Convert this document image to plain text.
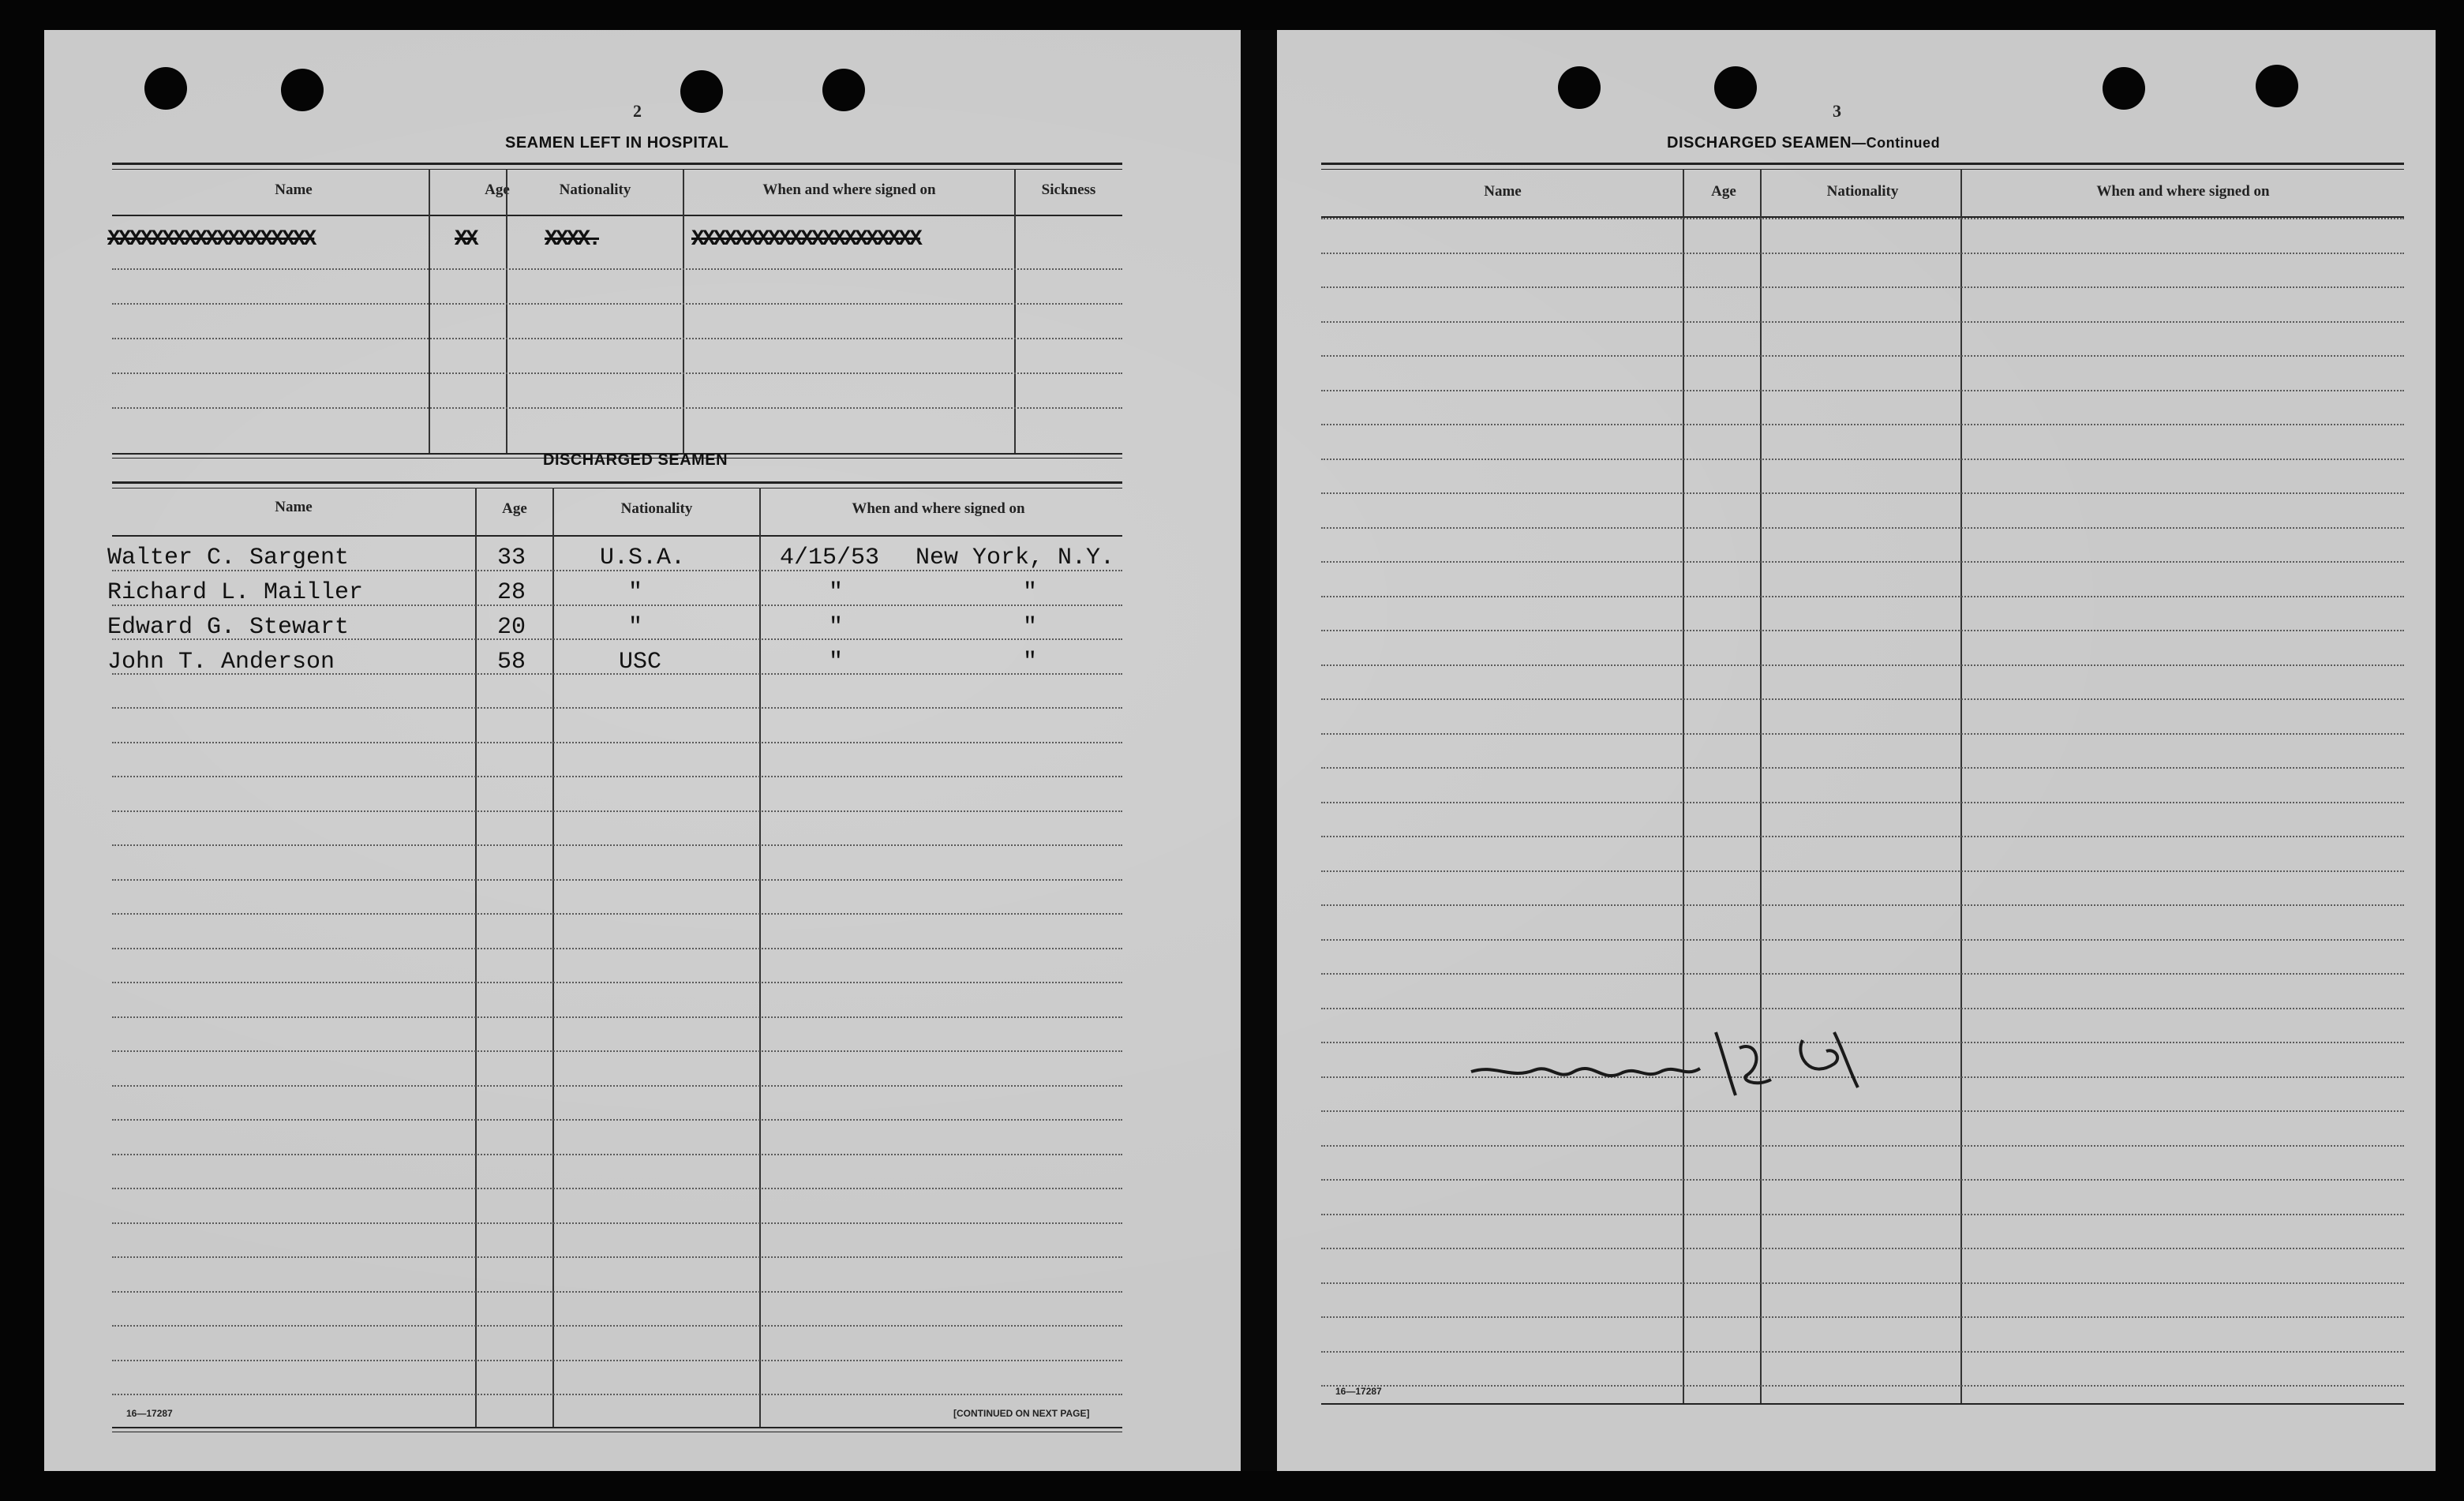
2
SEAMEN LEFT IN HOSPITAL
Name	Age	Nationality	When and where signed on	Sickness
XXXXXXXXXXXXXXXXXXX	XX	XXXX.	XXXXXXXXXXXXXXXXXXXXX
DISCHARGED SEAMEN
Name	Age	Nationality	When and where signed on
Walter C. Sargent	33	U.S.A.	4/15/53 New York, N.Y.
Richard L. Mailler	28	"	"	"
Edward G. Stewart	20	"	"	"
John T. Anderson	58	USC	"	"
16—17287	[CONTINUED ON NEXT PAGE]
3
DISCHARGED SEAMEN—Continued
Name	Age	Nationality	When and where signed on
16—17287
